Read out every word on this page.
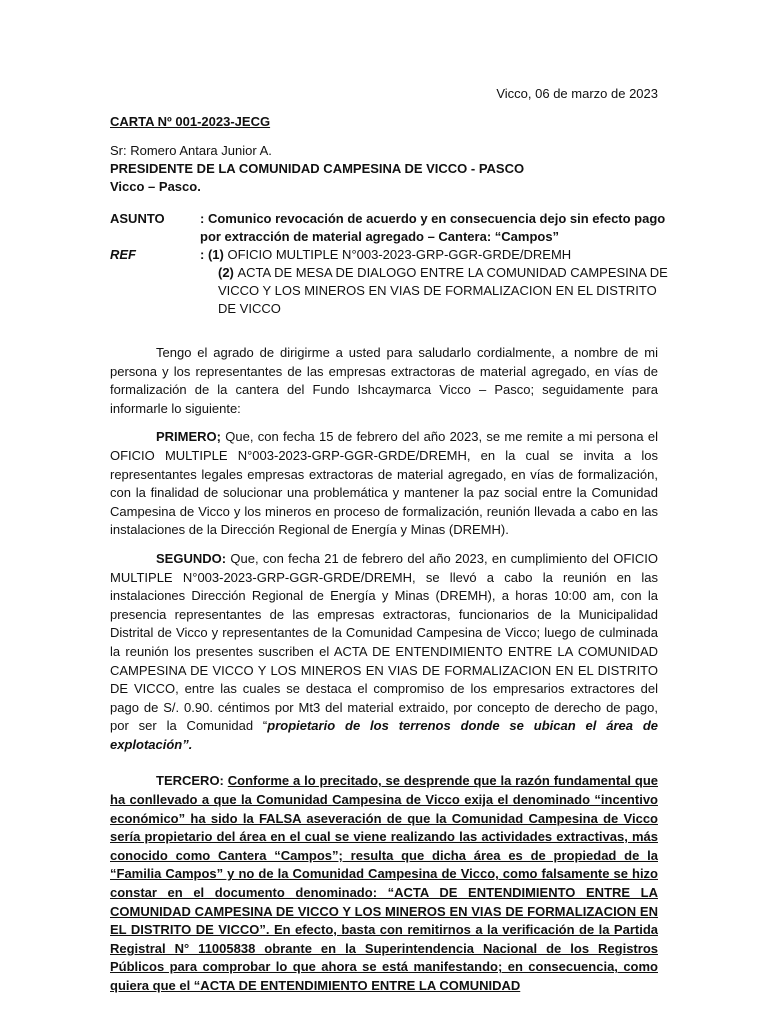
Vicco, 06 de marzo de 2023
CARTA Nº 001-2023-JECG
Sr: Romero Antara Junior A.
PRESIDENTE DE LA COMUNIDAD CAMPESINA DE VICCO - PASCO
Vicco – Pasco.
ASUNTO	: Comunico revocación de acuerdo y en consecuencia dejo sin efecto pago por extracción de material agregado – Cantera: “Campos”
REF	: (1) OFICIO MULTIPLE N°003-2023-GRP-GGR-GRDE/DREMH
(2) ACTA DE MESA DE DIALOGO ENTRE LA COMUNIDAD CAMPESINA DE VICCO Y LOS MINEROS EN VIAS DE FORMALIZACION EN EL DISTRITO DE VICCO

Tengo el agrado de dirigirme a usted para saludarlo cordialmente, a nombre de mi persona y los representantes de las empresas extractoras de material agregado, en vías de formalización de la cantera del Fundo Ishcaymarca Vicco – Pasco; seguidamente para informarle lo siguiente:

PRIMERO; Que, con fecha 15 de febrero del año 2023, se me remite a mi persona el OFICIO MULTIPLE N°003-2023-GRP-GGR-GRDE/DREMH, en la cual se invita a los representantes legales empresas extractoras de material agregado, en vías de formalización, con la finalidad de solucionar una problemática y mantener la paz social entre la Comunidad Campesina de Vicco y los mineros en proceso de formalización, reunión llevada a cabo en las instalaciones de la Dirección Regional de Energía y Minas (DREMH).

SEGUNDO: Que, con fecha 21 de febrero del año 2023, en cumplimiento del OFICIO MULTIPLE N°003-2023-GRP-GGR-GRDE/DREMH, se llevó a cabo la reunión en las instalaciones Dirección Regional de Energía y Minas (DREMH), a horas 10:00 am, con la presencia representantes de las empresas extractoras, funcionarios de la Municipalidad Distrital de Vicco y representantes de la Comunidad Campesina de Vicco; luego de culminada la reunión los presentes suscriben el ACTA DE ENTENDIMIENTO ENTRE LA COMUNIDAD CAMPESINA DE VICCO Y LOS MINEROS EN VIAS DE FORMALIZACION EN EL DISTRITO DE VICCO, entre las cuales se destaca el compromiso de los empresarios extractores del pago de S/. 0.90. céntimos por Mt3 del material extraido, por concepto de derecho de pago, por ser la Comunidad “propietario de los terrenos donde se ubican el área de explotación”.

TERCERO: Conforme a lo precitado, se desprende que la razón fundamental que ha conllevado a que la Comunidad Campesina de Vicco exija el denominado “incentivo económico” ha sido la FALSA aseveración de que la Comunidad Campesina de Vicco sería propietario del área en el cual se viene realizando las actividades extractivas, más conocido como Cantera “Campos”; resulta que dicha área es de propiedad de la “Familia Campos” y no de la Comunidad Campesina de Vicco, como falsamente se hizo constar en el documento denominado: “ACTA DE ENTENDIMIENTO ENTRE LA COMUNIDAD CAMPESINA DE VICCO Y LOS MINEROS EN VIAS DE FORMALIZACION EN EL DISTRITO DE VICCO”. En efecto, basta con remitirnos a la verificación de la Partida Registral N° 11005838 obrante en la Superintendencia Nacional de los Registros Públicos para comprobar lo que ahora se está manifestando; en consecuencia, como quiera que el “ACTA DE ENTENDIMIENTO ENTRE LA COMUNIDAD
